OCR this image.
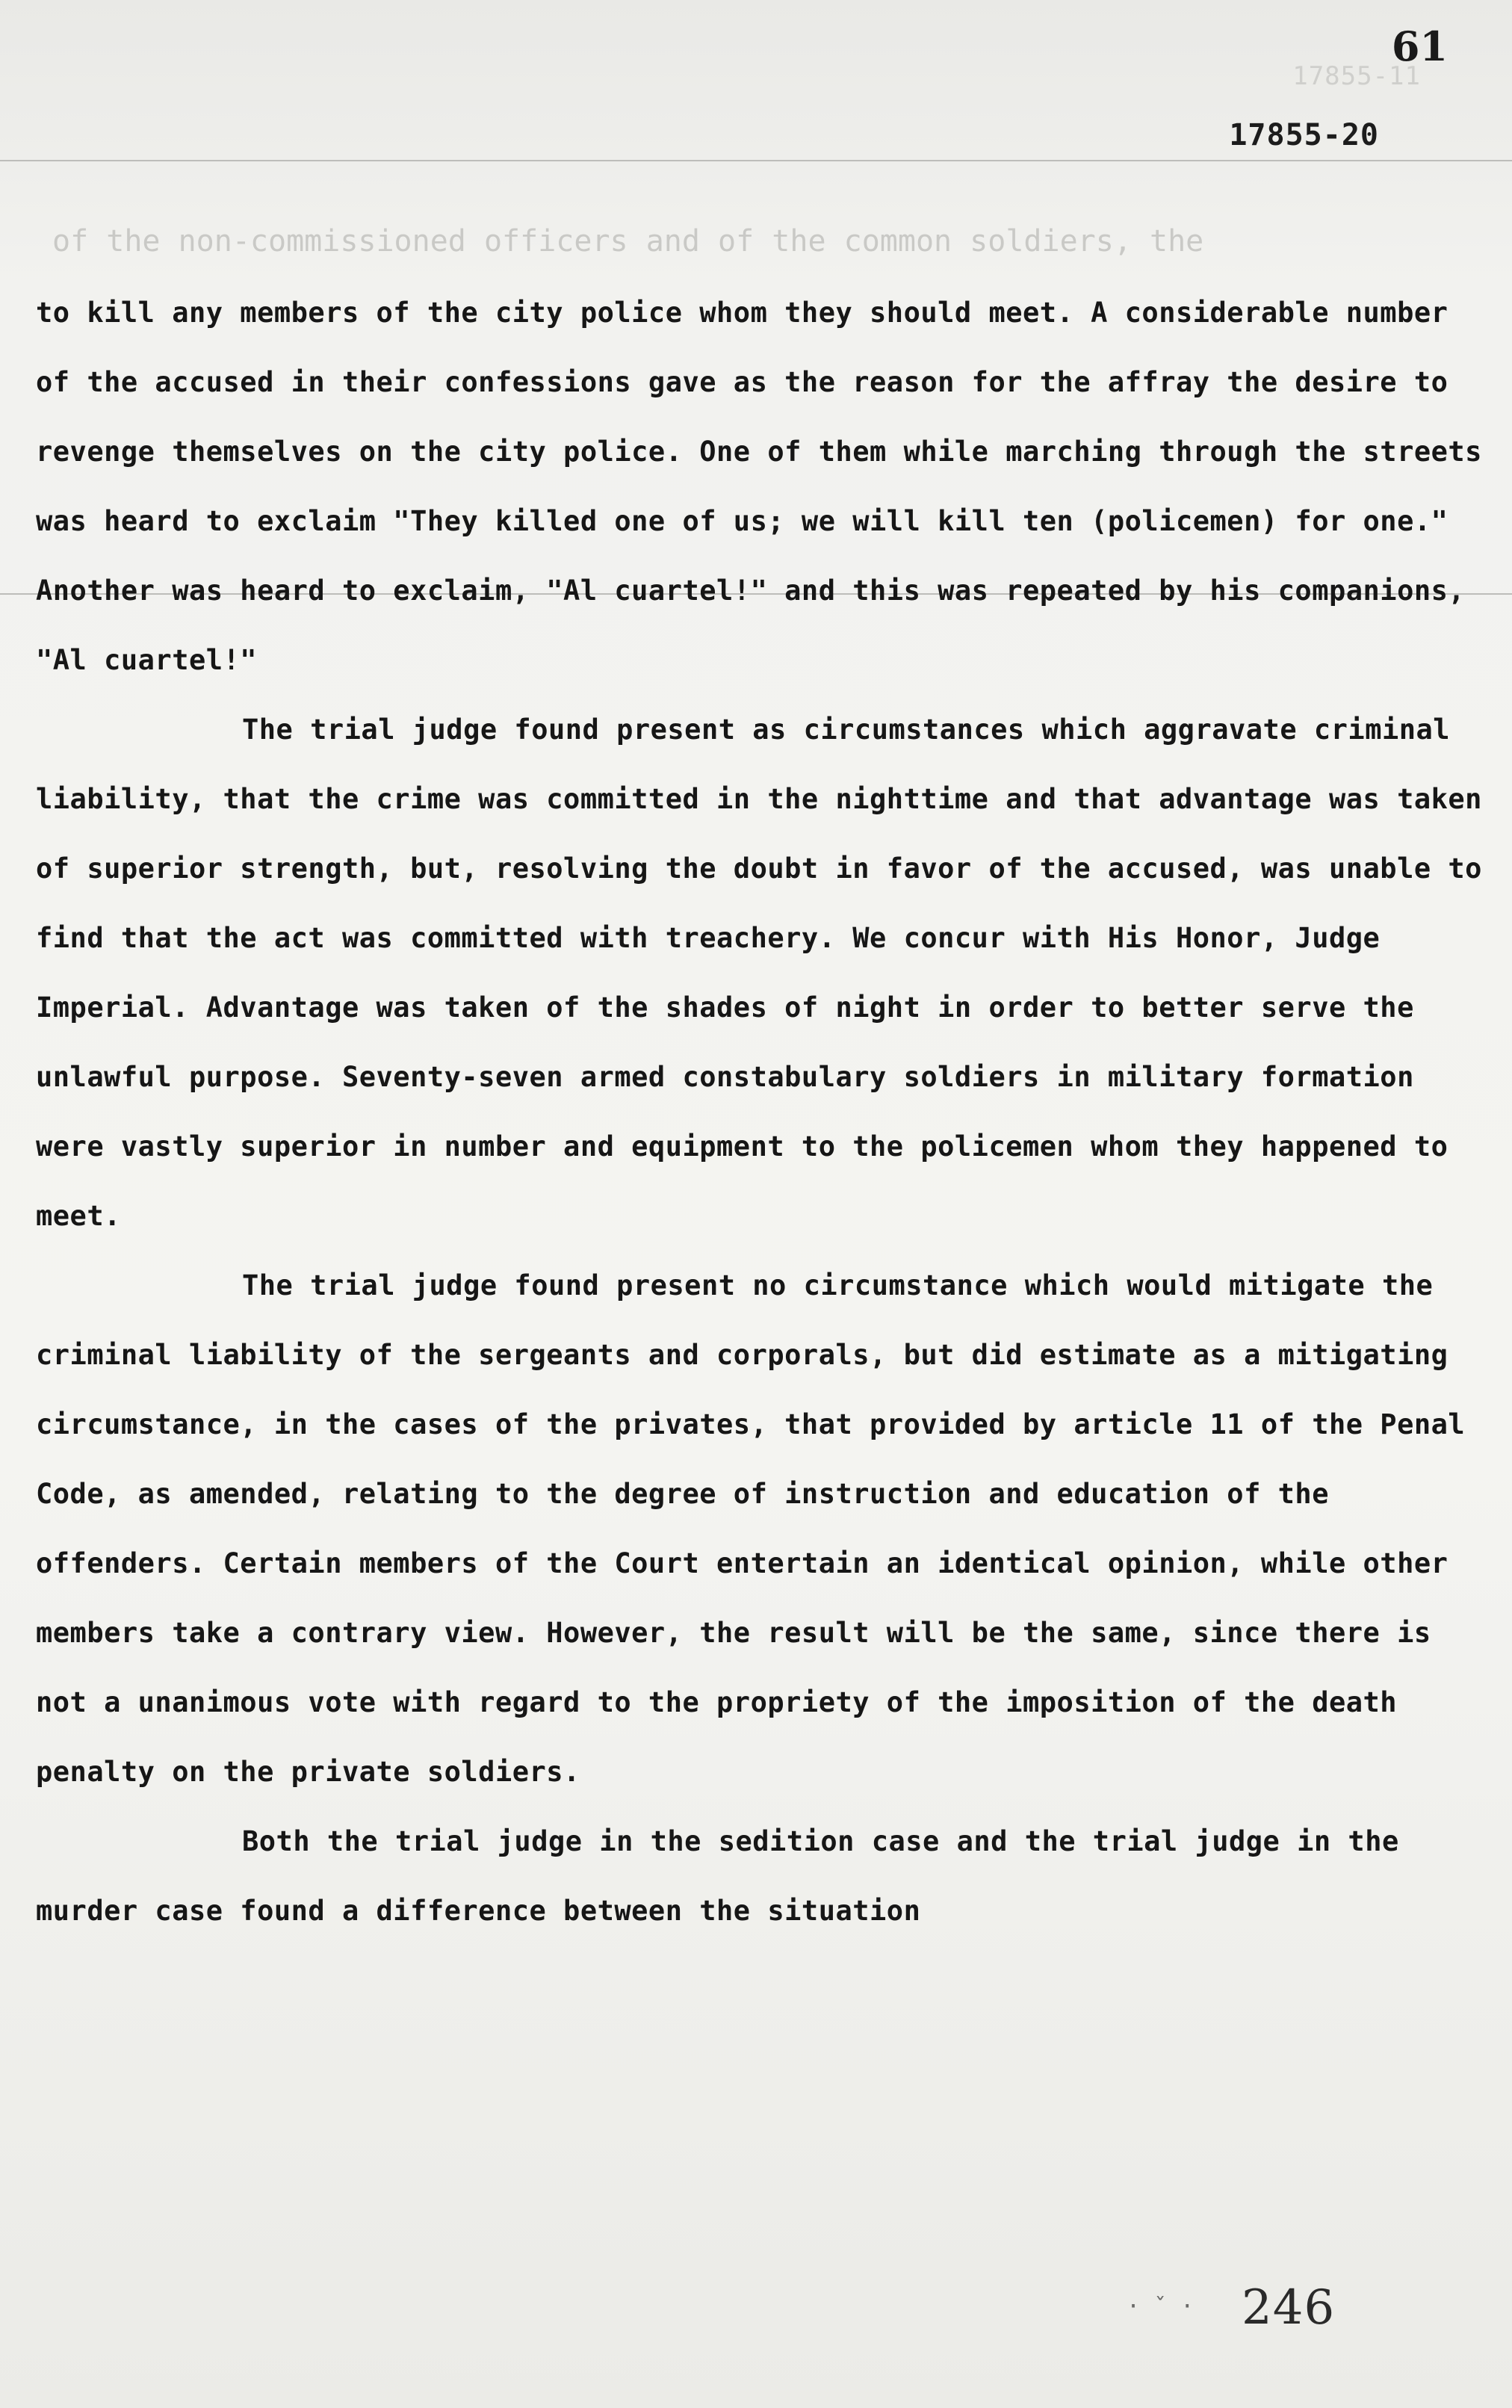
17855-11
61
17855-20
of the non-commissioned officers and of the common soldiers, the

to kill any members of the city police whom they should meet. A considerable number of the accused in their confessions gave as the reason for the affray the desire to revenge themselves on the city police. One of them while marching through the streets was heard to exclaim "They killed one of us; we will kill ten (policemen) for one." Another was heard to exclaim, "Al cuartel!" and this was repeated by his companions, "Al cuartel!"

The trial judge found present as circumstances which aggravate criminal liability, that the crime was committed in the nighttime and that advantage was taken of superior strength, but, resolving the doubt in favor of the accused, was unable to find that the act was committed with treachery. We concur with His Honor, Judge Imperial. Advantage was taken of the shades of night in order to better serve the unlawful purpose. Seventy-seven armed constabulary soldiers in military formation were vastly superior in number and equipment to the policemen whom they happened to meet.

The trial judge found present no circumstance which would mitigate the criminal liability of the sergeants and corporals, but did estimate as a mitigating circumstance, in the cases of the privates, that provided by article 11 of the Penal Code, as amended, relating to the degree of instruction and education of the offenders. Certain members of the Court entertain an identical opinion, while other members take a contrary view. However, the result will be the same, since there is not a unanimous vote with regard to the propriety of the imposition of the death penalty on the private soldiers.

Both the trial judge in the sedition case and the trial judge in the murder case found a difference between the situation

· ˇ · 246
